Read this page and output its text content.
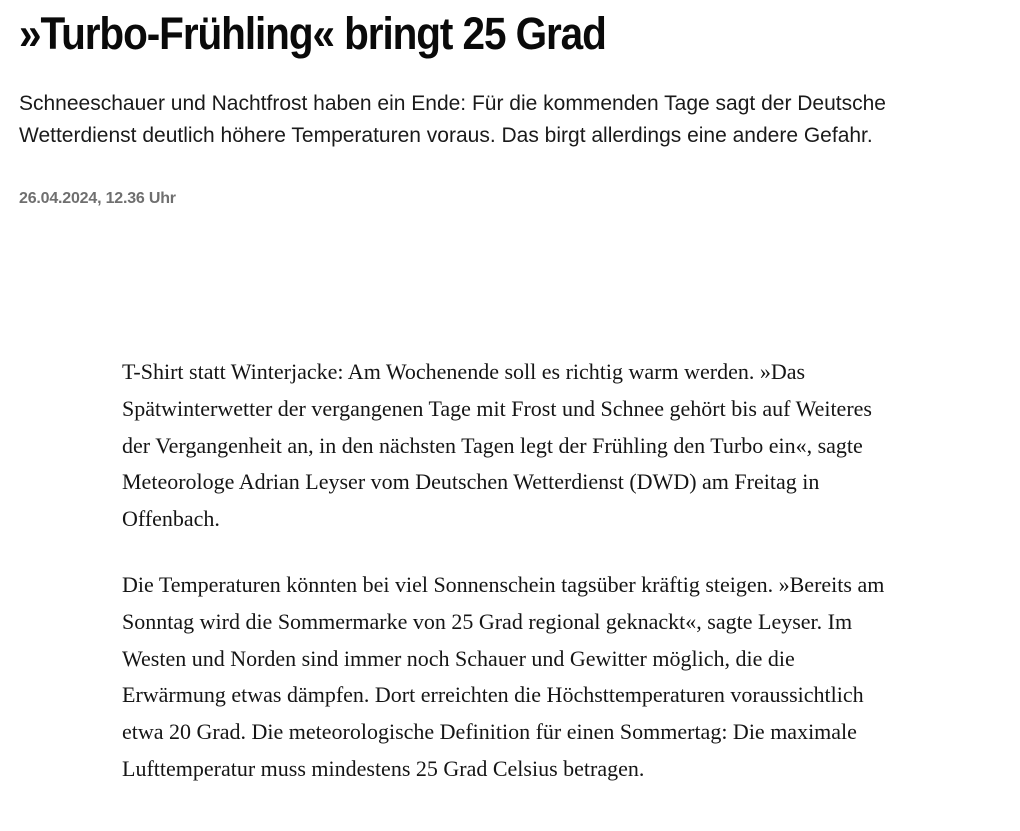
»Turbo-Frühling« bringt 25 Grad

Schneeschauer und Nachtfrost haben ein Ende: Für die kommenden Tage sagt der Deutsche Wetterdienst deutlich höhere Temperaturen voraus. Das birgt allerdings eine andere Gefahr.

26.04.2024, 12.36 Uhr

T-Shirt statt Winterjacke: Am Wochenende soll es richtig warm werden. »Das Spätwinterwetter der vergangenen Tage mit Frost und Schnee gehört bis auf Weiteres der Vergangenheit an, in den nächsten Tagen legt der Frühling den Turbo ein«, sagte Meteorologe Adrian Leyser vom Deutschen Wetterdienst (DWD) am Freitag in Offenbach.

Die Temperaturen könnten bei viel Sonnenschein tagsüber kräftig steigen. »Bereits am Sonntag wird die Sommermarke von 25 Grad regional geknackt«, sagte Leyser. Im Westen und Norden sind immer noch Schauer und Gewitter möglich, die die Erwärmung etwas dämpfen. Dort erreichten die Höchsttemperaturen voraussichtlich etwa 20 Grad. Die meteorologische Definition für einen Sommertag: Die maximale Lufttemperatur muss mindestens 25 Grad Celsius betragen.
